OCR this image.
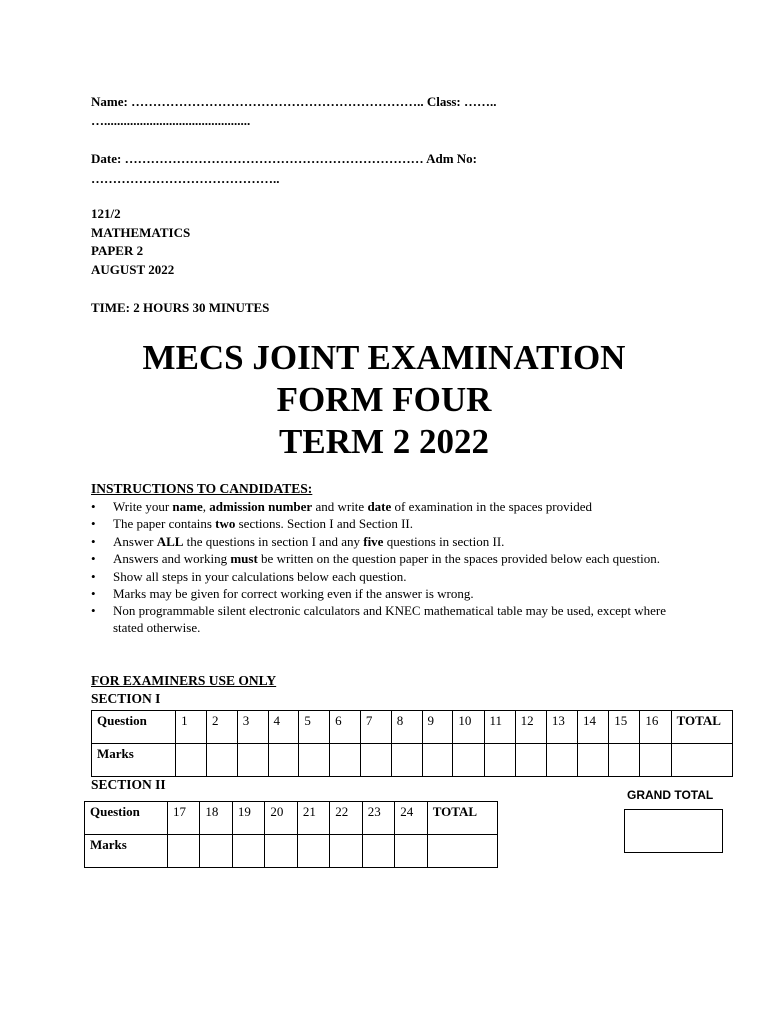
Name: ………………………………………………………….. Class: ……..
….............................................
Date: …………………………………………………………… Adm No:
……………………………………..
121/2
MATHEMATICS
PAPER 2
AUGUST 2022
TIME: 2 HOURS 30 MINUTES
MECS JOINT EXAMINATION
FORM FOUR
TERM 2 2022
INSTRUCTIONS TO CANDIDATES:
• Write your name, admission number and write date of examination in the spaces provided
• The paper contains two sections. Section I and Section II.
• Answer ALL the questions in section I and any five questions in section II.
• Answers and working must be written on the question paper in the spaces provided below each question.
• Show all steps in your calculations below each question.
• Marks may be given for correct working even if the answer is wrong.
• Non programmable silent electronic calculators and KNEC mathematical table may be used, except where stated otherwise.
FOR EXAMINERS USE ONLY
SECTION I
Question	1	2	3	4	5	6	7	8	9	10	11	12	13	14	15	16	TOTAL
Marks																	
SECTION II
Question	17	18	19	20	21	22	23	24	TOTAL
Marks									
GRAND TOTAL
